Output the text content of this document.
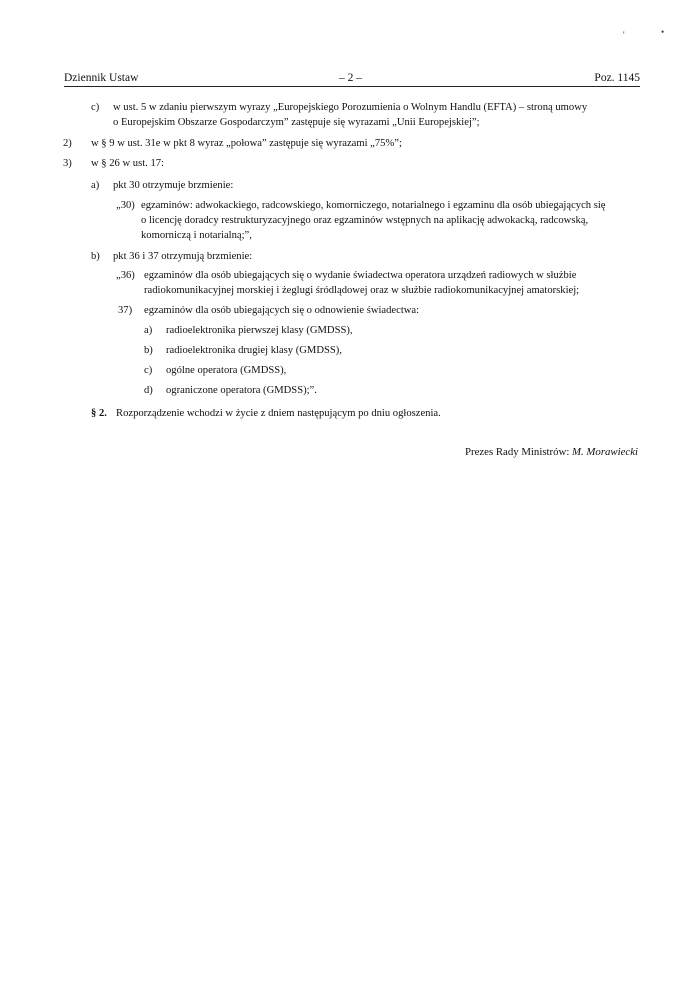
'	•
Dziennik Ustaw	– 2 –	Poz. 1145
c) w ust. 5 w zdaniu pierwszym wyrazy „Europejskiego Porozumienia o Wolnym Handlu (EFTA) – stroną umowy
o Europejskim Obszarze Gospodarczym” zastępuje się wyrazami „Unii Europejskiej”;
2) w § 9 w ust. 31e w pkt 8 wyraz „połowa” zastępuje się wyrazami „75%”;
3) w § 26 w ust. 17:
a) pkt 30 otrzymuje brzmienie:
„30) egzaminów: adwokackiego, radcowskiego, komorniczego, notarialnego i egzaminu dla osób ubiegających się
o licencję doradcy restrukturyzacyjnego oraz egzaminów wstępnych na aplikację adwokacką, radcowską,
komorniczą i notarialną;”,
b) pkt 36 i 37 otrzymują brzmienie:
„36) egzaminów dla osób ubiegających się o wydanie świadectwa operatora urządzeń radiowych w służbie
radiokomunikacyjnej morskiej i żeglugi śródlądowej oraz w służbie radiokomunikacyjnej amatorskiej;
37) egzaminów dla osób ubiegających się o odnowienie świadectwa:
a) radioelektronika pierwszej klasy (GMDSS),
b) radioelektronika drugiej klasy (GMDSS),
c) ogólne operatora (GMDSS),
d) ograniczone operatora (GMDSS);”.
§ 2. Rozporządzenie wchodzi w życie z dniem następującym po dniu ogłoszenia.
Prezes Rady Ministrów: M. Morawiecki
